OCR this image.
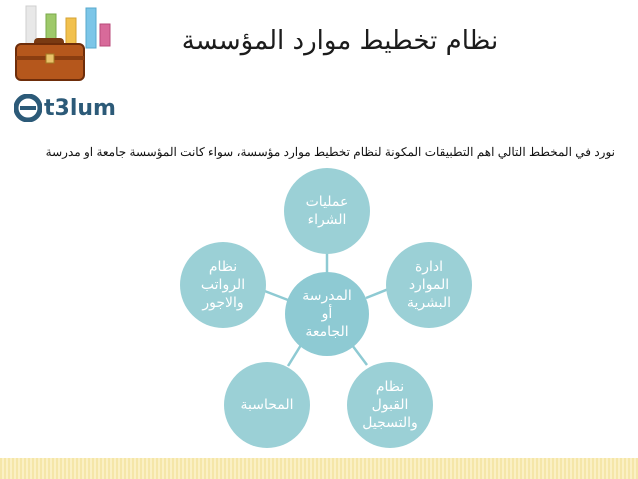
نظام تخطيط موارد المؤسسة
t3lum
نورد في المخطط التالي اهم التطبيقات المكونة لنظام تخطيط موارد مؤسسة، سواء كانت المؤسسة جامعة او مدرسة
المدرسة
أو
الجامعة
عمليات
الشراء
ادارة
الموارد
البشرية
نظام
القبول
والتسجيل
المحاسبة
نظام
الرواتب
والاجور
